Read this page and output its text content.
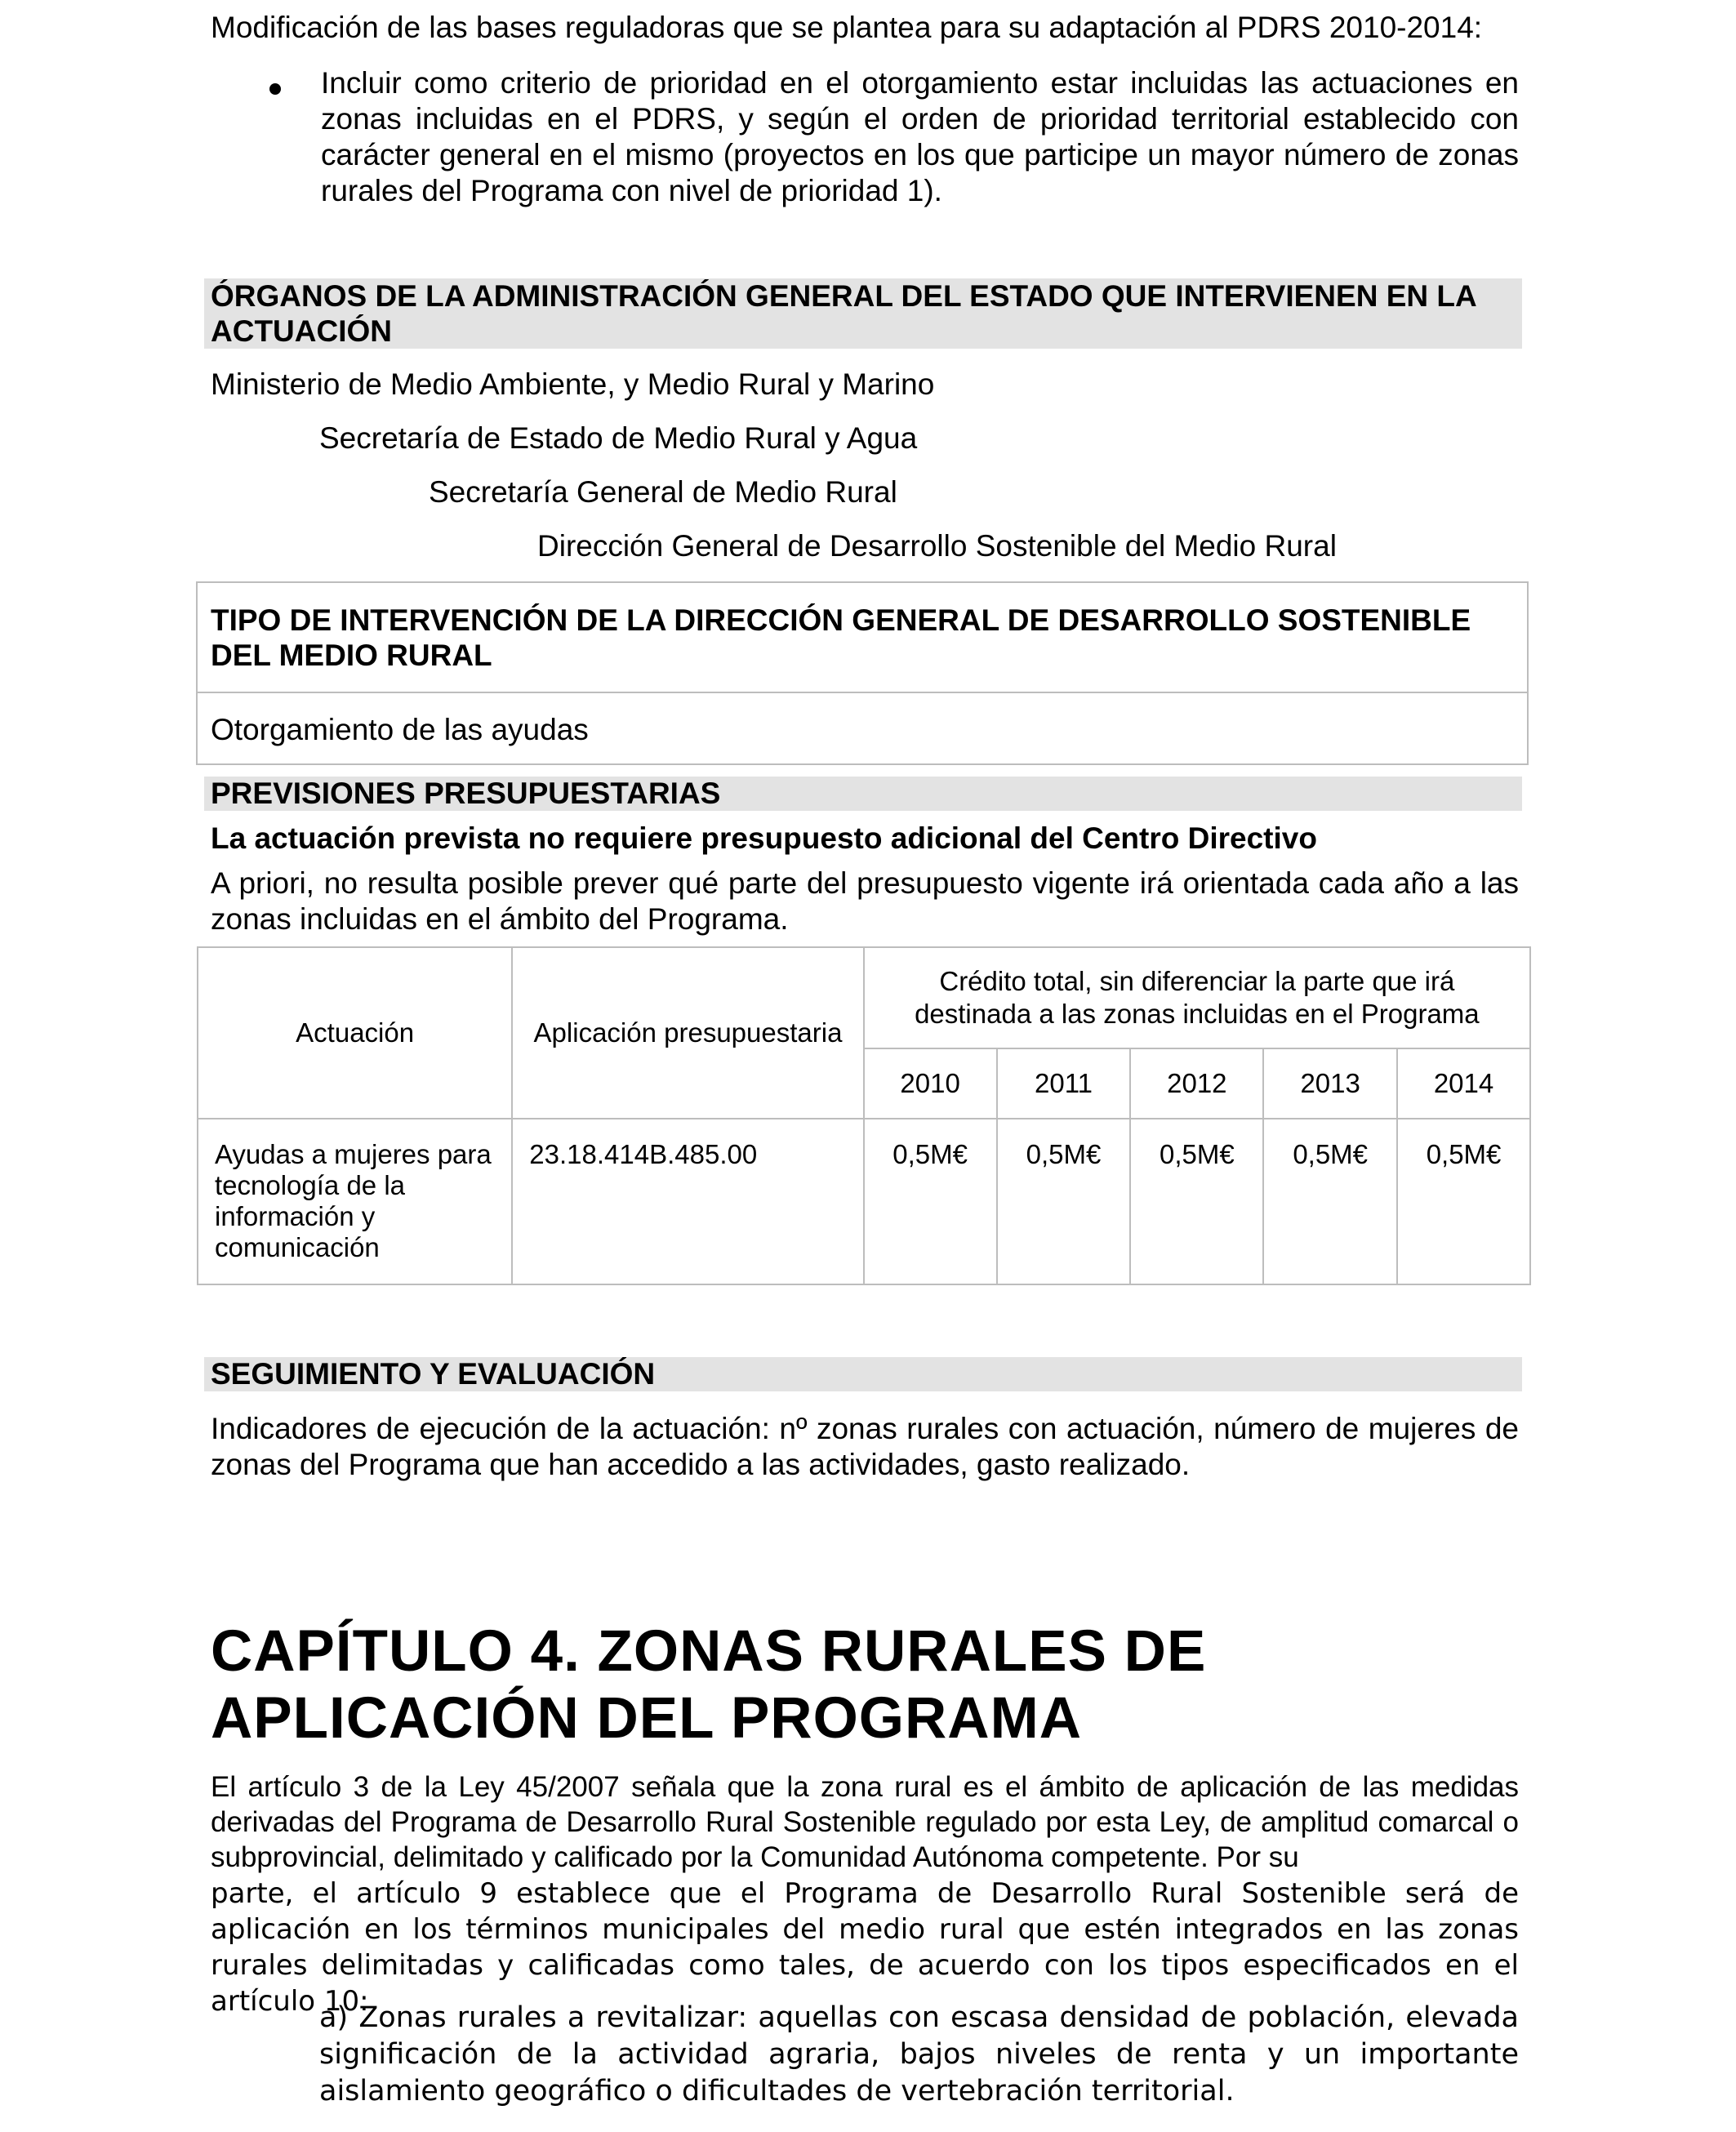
Modificación de las bases reguladoras que se plantea para su adaptación al PDRS 2010-2014:
Incluir como criterio de prioridad en el otorgamiento estar incluidas las actuaciones en zonas incluidas en el PDRS, y según el orden de prioridad territorial establecido con carácter general en el mismo (proyectos en los que participe un mayor número de zonas rurales del Programa con nivel de prioridad 1).
ÓRGANOS DE LA ADMINISTRACIÓN GENERAL DEL ESTADO QUE INTERVIENEN EN LA ACTUACIÓN
Ministerio de Medio Ambiente, y Medio Rural y Marino
Secretaría de Estado de Medio Rural y Agua
Secretaría General de Medio Rural
Dirección General de Desarrollo Sostenible del Medio Rural
TIPO DE INTERVENCIÓN DE LA DIRECCIÓN GENERAL DE DESARROLLO SOSTENIBLE DEL MEDIO RURAL
Otorgamiento de las ayudas
PREVISIONES PRESUPUESTARIAS
La actuación prevista no requiere presupuesto adicional del Centro Directivo
A priori, no resulta posible prever qué parte del presupuesto vigente irá orientada cada año a las zonas incluidas en el ámbito del Programa.
Actuación	Aplicación presupuestaria	Crédito total, sin diferenciar la parte que irá destinada a las zonas incluidas en el Programa				
		2010	2011	2012	2013	2014
Ayudas a mujeres para tecnología de la información y comunicación	23.18.414B.485.00	0,5M€	0,5M€	0,5M€	0,5M€	0,5M€
SEGUIMIENTO Y EVALUACIÓN
Indicadores de ejecución de la actuación: nº zonas rurales con actuación, número de mujeres de zonas del Programa que han accedido a las actividades, gasto realizado.
CAPÍTULO 4. ZONAS RURALES DE APLICACIÓN DEL PROGRAMA
El artículo 3 de la Ley 45/2007 señala que la zona rural es el ámbito de aplicación de las medidas derivadas del Programa de Desarrollo Rural Sostenible regulado por esta Ley, de amplitud comarcal o subprovincial, delimitado y calificado por la Comunidad Autónoma competente. Por su
parte, el artículo 9 establece que el Programa de Desarrollo Rural Sostenible será de aplicación en los términos municipales del medio rural que estén integrados en las zonas rurales delimitadas y calificadas como tales, de acuerdo con los tipos especificados en el artículo 10:
a) Zonas rurales a revitalizar: aquellas con escasa densidad de población, elevada significación de la actividad agraria, bajos niveles de renta y un importante aislamiento geográfico o dificultades de vertebración territorial.
